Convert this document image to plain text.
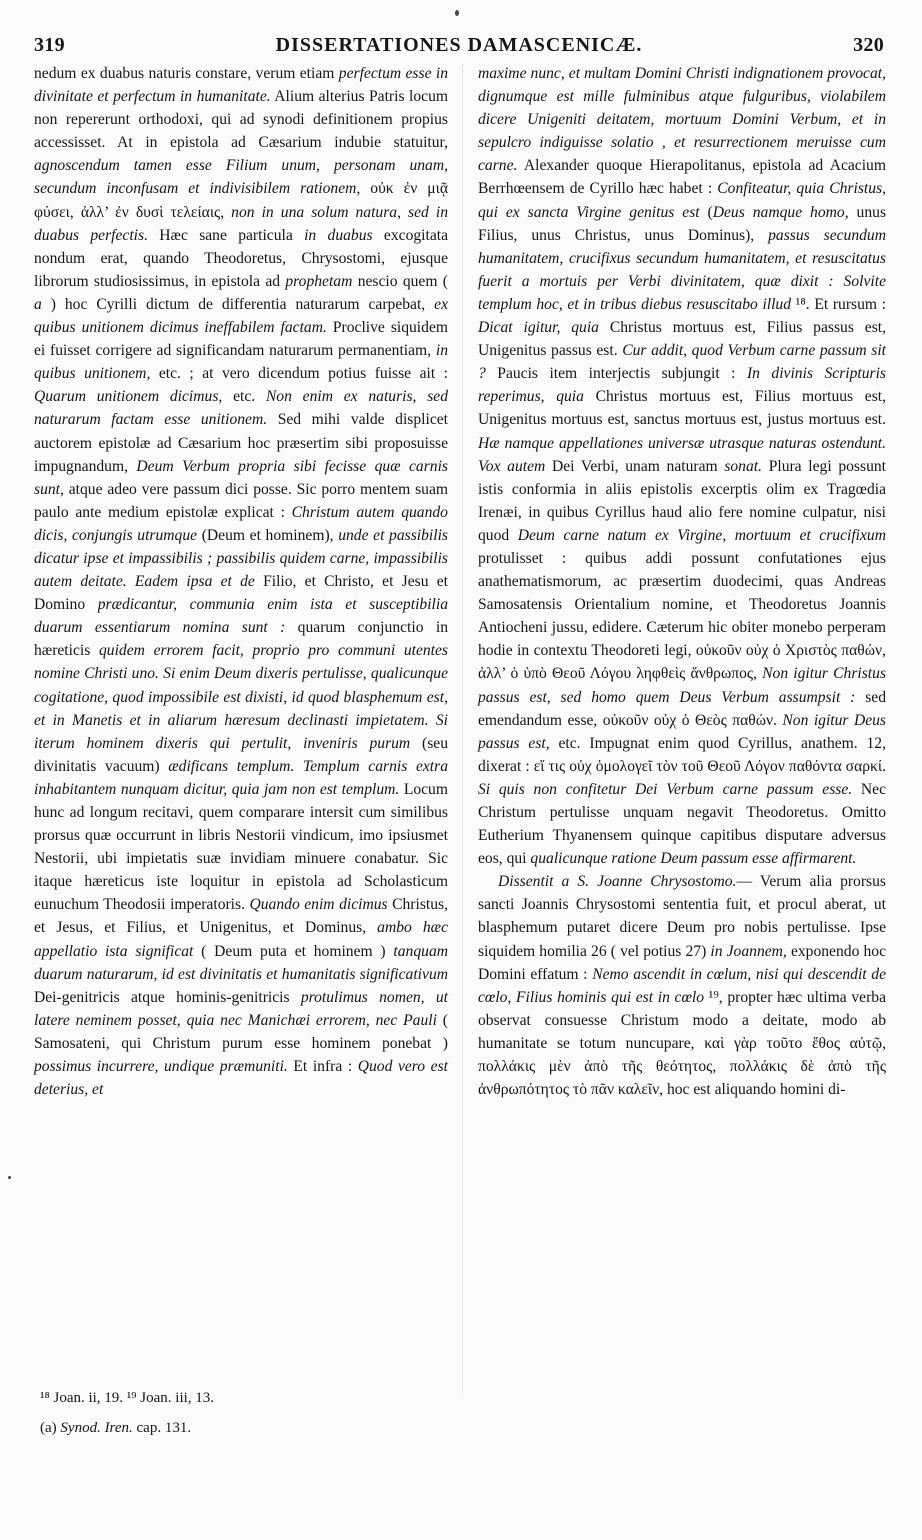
319	DISSERTATIONES DAMASCENICÆ.	320

nedum ex duabus naturis constare, verum etiam perfectum esse in divinitate et perfectum in humanitate. Alium alterius Patris locum non repererunt orthodoxi, qui ad synodi definitionem propius accessisset. At in epistola ad Cæsarium indubie statuitur, agnoscendum tamen esse Filium unum, personam unam, secundum inconfusam et indivisibilem rationem, οὐκ ἐν μιᾷ φύσει, ἀλλ’ ἐν δυσὶ τελείαις, non in una solum natura, sed in duabus perfectis. Hæc sane particula in duabus excogitata nondum erat, quando Theodoretus, Chrysostomi, ejusque librorum studiosissimus, in epistola ad prophetam nescio quem ( a ) hoc Cyrilli dictum de differentia naturarum carpebat, ex quibus unitionem dicimus ineffabilem factam. Proclive siquidem ei fuisset corrigere ad significandam naturarum permanentiam, in quibus unitionem, etc. ; at vero dicendum potius fuisse ait : Quarum unitionem dicimus, etc. Non enim ex naturis, sed naturarum factam esse unitionem. Sed mihi valde displicet auctorem epistolæ ad Cæsarium hoc præsertim sibi proposuisse impugnandum, Deum Verbum propria sibi fecisse quæ carnis sunt, atque adeo vere passum dici posse. Sic porro mentem suam paulo ante medium epistolæ explicat : Christum autem quando dicis, conjungis utrumque (Deum et hominem), unde et passibilis dicatur ipse et impassibilis ; passibilis quidem carne, impassibilis autem deitate. Eadem ipsa et de Filio, et Christo, et Jesu et Domino prædicantur, communia enim ista et susceptibilia duarum essentiarum nomina sunt : quarum conjunctio in hæreticis quidem errorem facit, proprio pro communi utentes nomine Christi uno. Si enim Deum dixeris pertulisse, qualicunque cogitatione, quod impossibile est dixisti, id quod blasphemum est, et in Manetis et in aliarum hæresum declinasti impietatem. Si iterum hominem dixeris qui pertulit, inveniris purum (seu divinitatis vacuum) ædificans templum. Templum carnis extra inhabitantem nunquam dicitur, quia jam non est templum. Locum hunc ad longum recitavi, quem comparare intersit cum similibus prorsus quæ occurrunt in libris Nestorii vindicum, imo ipsiusmet Nestorii, ubi impietatis suæ invidiam minuere conabatur. Sic itaque hæreticus iste loquitur in epistola ad Scholasticum eunuchum Theodosii imperatoris. Quando enim dicimus Christus, et Jesus, et Filius, et Unigenitus, et Dominus, ambo hæc appellatio ista significat ( Deum puta et hominem ) tanquam duarum naturarum, id est divinitatis et humanitatis significativum Dei-genitricis atque hominis-genitricis protulimus nomen, ut latere neminem posset, quia nec Manichæi errorem, nec Pauli ( Samosateni, qui Christum purum esse hominem ponebat ) possimus incurrere, undique præmuniti. Et infra : Quod vero est deterius, et

maxime nunc, et multam Domini Christi indignationem provocat, dignumque est mille fulminibus atque fulguribus, violabilem dicere Unigeniti deitatem, mortuum Domini Verbum, et in sepulcro indiguisse solatio , et resurrectionem meruisse cum carne. Alexander quoque Hierapolitanus, epistola ad Acacium Berrhœensem de Cyrillo hæc habet : Confiteatur, quia Christus, qui ex sancta Virgine genitus est (Deus namque homo, unus Filius, unus Christus, unus Dominus), passus secundum humanitatem, crucifixus secundum humanitatem, et resuscitatus fuerit a mortuis per Verbi divinitatem, quæ dixit : Solvite templum hoc, et in tribus diebus resuscitabo illud ¹⁸. Et rursum : Dicat igitur, quia Christus mortuus est, Filius passus est, Unigenitus passus est. Cur addit, quod Verbum carne passum sit ? Paucis item interjectis subjungit : In divinis Scripturis reperimus, quia Christus mortuus est, Filius mortuus est, Unigenitus mortuus est, sanctus mortuus est, justus mortuus est. Hæ namque appellationes universæ utrasque naturas ostendunt. Vox autem Dei Verbi, unam naturam sonat. Plura legi possunt istis conformia in aliis epistolis excerptis olim ex Tragœdia Irenæi, in quibus Cyrillus haud alio fere nomine culpatur, nisi quod Deum carne natum ex Virgine, mortuum et crucifixum protulisset : quibus addi possunt confutationes ejus anathematismorum, ac præsertim duodecimi, quas Andreas Samosatensis Orientalium nomine, et Theodoretus Joannis Antiocheni jussu, edidere. Cæterum hic obiter monebo perperam hodie in contextu Theodoreti legi, οὐκοῦν οὐχ ὁ Χριστὸς παθών, ἀλλ’ ὁ ὑπὸ Θεοῦ Λόγου ληφθεὶς ἄνθρωπος, Non igitur Christus passus est, sed homo quem Deus Verbum assumpsit : sed emendandum esse, οὐκοῦν οὐχ ὁ Θεὸς παθών. Non igitur Deus passus est, etc. Impugnat enim quod Cyrillus, anathem. 12, dixerat : εἴ τις οὐχ ὁμολογεῖ τὸν τοῦ Θεοῦ Λόγον παθόντα σαρκί. Si quis non confitetur Dei Verbum carne passum esse. Nec Christum pertulisse unquam negavit Theodoretus. Omitto Eutherium Thyanensem quinque capitibus disputare adversus eos, qui qualicunque ratione Deum passum esse affirmarent.

Dissentit a S. Joanne Chrysostomo.— Verum alia prorsus sancti Joannis Chrysostomi sententia fuit, et procul aberat, ut blasphemum putaret dicere Deum pro nobis pertulisse. Ipse siquidem homilia 26 ( vel potius 27) in Joannem, exponendo hoc Domini effatum : Nemo ascendit in cœlum, nisi qui descendit de cœlo, Filius hominis qui est in cœlo ¹⁹, propter hæc ultima verba observat consuesse Christum modo a deitate, modo ab humanitate se totum nuncupare, καὶ γὰρ τοῦτο ἔθος αὐτῷ, πολλάκις μὲν ἀπὸ τῆς θεότητος, πολλάκις δὲ ἀπὸ τῆς ἀνθρωπότητος τὸ πᾶν καλεῖν, hoc est aliquando homini di-

¹⁸ Joan. ii, 19. ¹⁹ Joan. iii, 13.
(a) Synod. Iren. cap. 131.
